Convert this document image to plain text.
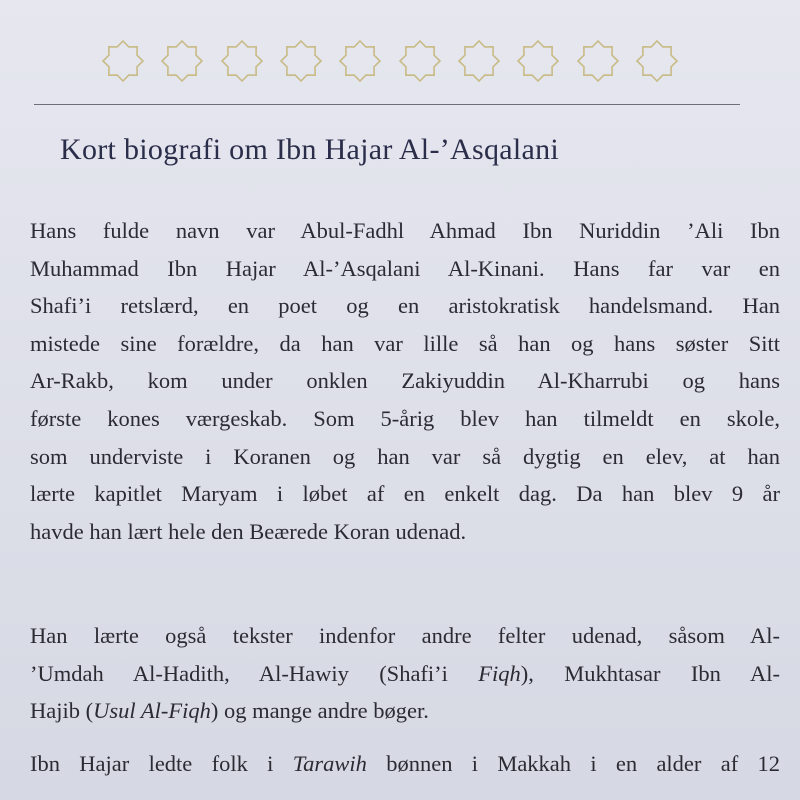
Kort biografi om Ibn Hajar Al-’Asqalani
Hans fulde navn var Abul-Fadhl Ahmad Ibn Nuriddin ’Ali Ibn
Muhammad Ibn Hajar Al-’Asqalani Al-Kinani. Hans far var en
Shafi’i retslærd, en poet og en aristokratisk handelsmand. Han
mistede sine forældre, da han var lille så han og hans søster Sitt
Ar-Rakb, kom under onklen Zakiyuddin Al-Kharrubi og hans
første kones værgeskab. Som 5-årig blev han tilmeldt en skole,
som underviste i Koranen og han var så dygtig en elev, at han
lærte kapitlet Maryam i løbet af en enkelt dag. Da han blev 9 år
havde han lært hele den Beærede Koran udenad.
Han lærte også tekster indenfor andre felter udenad, såsom Al-
’Umdah Al-Hadith, Al-Hawiy (Shafi’i Fiqh), Mukhtasar Ibn Al-
Hajib (Usul Al-Fiqh) og mange andre bøger.
Ibn Hajar ledte folk i Tarawih bønnen i Makkah i en alder af 12
